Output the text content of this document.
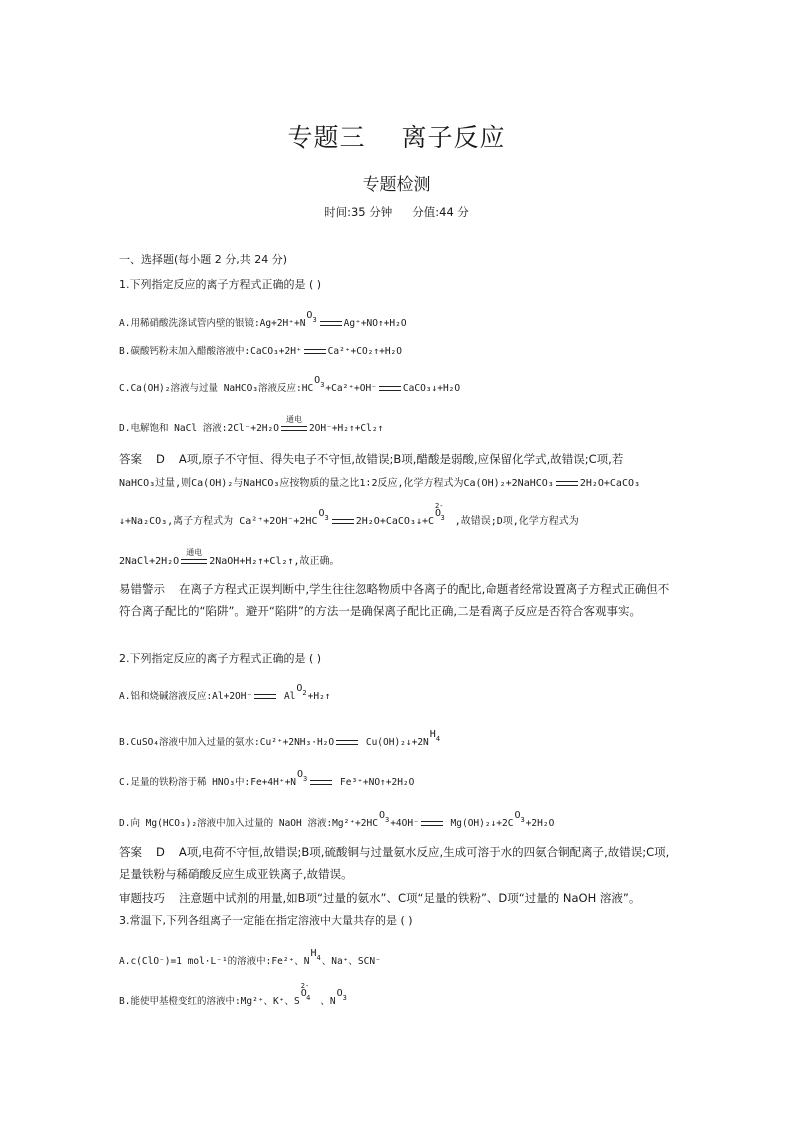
专题三 离子反应
专题检测
时间:35 分钟 分值:44 分
一、选择题(每小题 2 分,共 24 分)
1.下列指定反应的离子方程式正确的是 ( )
A.用稀硝酸洗涤试管内壁的银镜$:Ag+2H^++NO^3$	Ag⁺+NO↑+H₂O
B.碳酸钙粉末加入醋酸溶液中:CaCO₃+2H⁺	Ca²⁺+CO₂↑+H₂O
C.Ca(OH)₂溶液与过量 NaHCO₃溶液反应$:HCO^3+Ca^{2+}+OH^-$	CaCO₃↓+H₂O
D.电解饱和 NaCl 溶液:2Cl⁻+2H₂O
通电
2OH⁻+H₂↑+Cl₂↑
答案 D A项,原子不守恒、得失电子不守恒,故错误;B项,醋酸是弱酸,应保留化学式,故错误;C项,若
NaHCO₃过量,则Ca(OH)₂与NaHCO₃应按物质的量之比1∶2反应,化学方程式为Ca(OH)₂+2NaHCO₃	2H₂O+CaCO₃
↓+Na₂CO₃,离子方程式为 $Ca^{2+}+2OH^-+2HCO^3$	$2H_2O+CaCO_3↓+CO^{2-3}$ ,故错误;D项,化学方程式为
2NaCl+2H₂O
通电
2NaOH+H₂↑+Cl₂↑,故正确。
易错警示 在离子方程式正误判断中,学生往往忽略物质中各离子的配比,命题者经常设置离子方程式正确但不符合离子配比的“陷阱”。避开“陷阱”的方法一是确保离子配比正确,二是看离子反应是否符合客观事实。
2.下列指定反应的离子方程式正确的是 ( )
A.铝和烧碱溶液反应:Al+2OH⁻	AlO$^2$+H₂↑
B.CuSO₄溶液中加入过量的氨水:Cu²⁺+2NH₃·H₂O	$Cu(OH)_2↓+2NH^4$
C.足量的铁粉溶于稀 HNO₃中$:Fe+4H^++NO^3$	Fe³⁺+NO↑+2H₂O
D.向 Mg(HCO₃)₂溶液中加入过量的 NaOH 溶液$:Mg^{2+}+2HCO^3+4OH^-$	$Mg(OH)_2↓+2CO^3+2H_2O$
答案 D A项,电荷不守恒,故错误;B项,硫酸铜与过量氨水反应,生成可溶于水的四氨合铜配离子,故错误;C项,足量铁粉与稀硝酸反应生成亚铁离子,故错误。
审题技巧 注意题中试剂的用量,如B项“过量的氨水”、C项“足量的铁粉”、D项“过量的 NaOH 溶液”。
3.常温下,下列各组离子一定能在指定溶液中大量共存的是 ( )
A.c(ClO⁻)=1 mol·L⁻¹的溶液中:Fe²⁺、$NH^4$、Na⁺、SCN⁻
B.能使甲基橙变红的溶液中:Mg²⁺、K⁺、SO$^{2-4}$ 、$NO^3$
